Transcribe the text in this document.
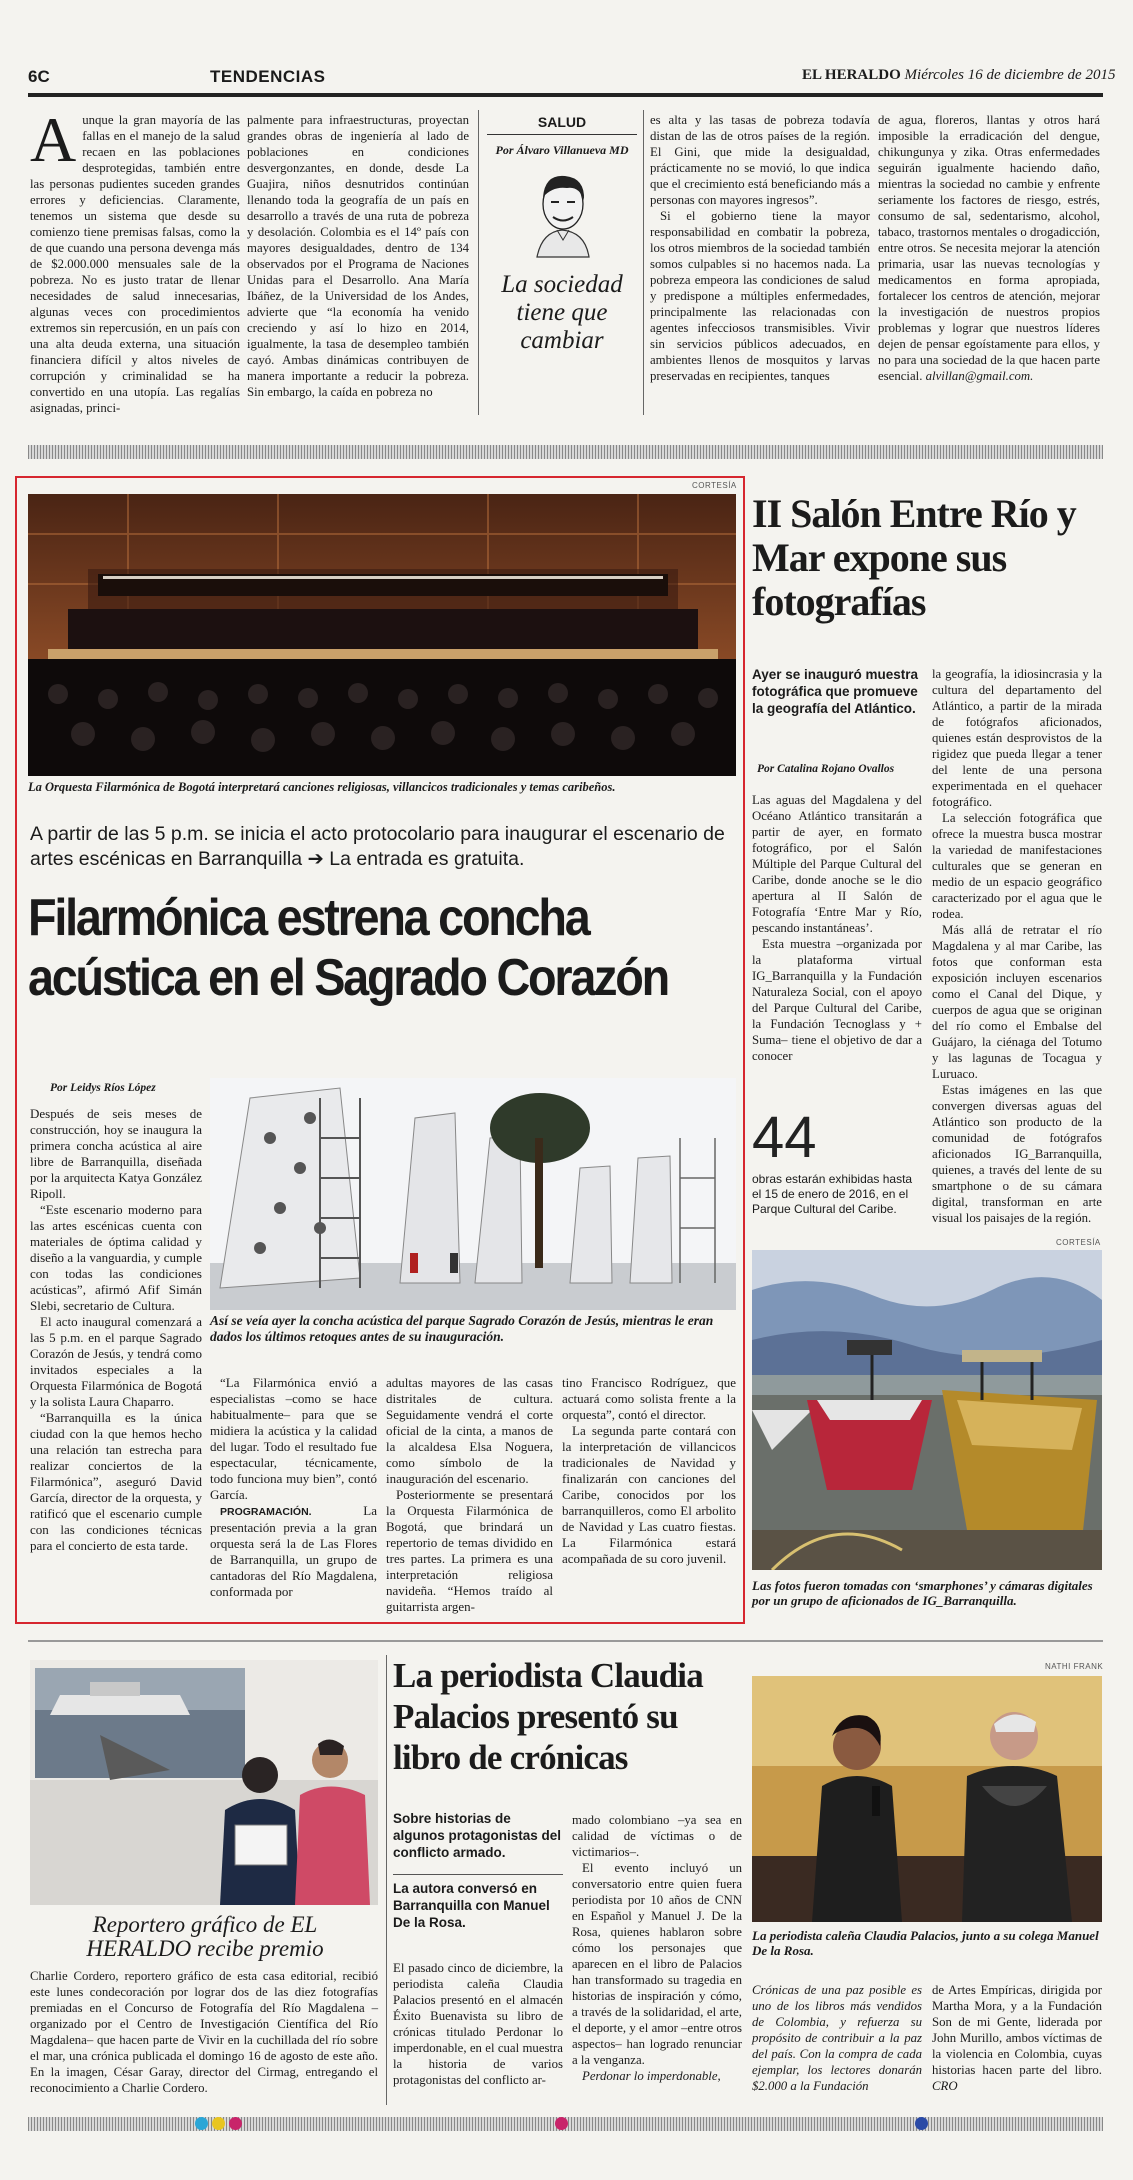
6C	TENDENCIAS	EL HERALDO Miércoles 16 de diciembre de 2015

Aunque la gran mayoría de las fallas en el manejo de la salud recaen en las poblaciones desprotegidas, también entre las personas pudientes suceden grandes errores y deficiencias. Claramente, tenemos un sistema que desde su comienzo tiene premisas falsas, como la de que cuando una persona devenga más de $2.000.000 mensuales sale de la pobreza. No es justo tratar de llenar necesidades de salud innecesarias, algunas veces con procedimientos extremos sin repercusión, en un país con una alta deuda externa, una situación financiera difícil y altos niveles de corrupción y criminalidad se ha convertido en una utopía. Las regalías asignadas, princi-

palmente para infraestructuras, proyectan grandes obras de ingeniería al lado de poblaciones en condiciones desvergonzantes, en donde, desde La Guajira, niños desnutridos continúan llenando toda la geografía de un país en desarrollo a través de una ruta de pobreza y desolación. Colombia es el 14º país con mayores desigualdades, dentro de 134 observados por el Programa de Naciones Unidas para el Desarrollo. Ana María Ibáñez, de la Universidad de los Andes, advierte que “la economía ha venido creciendo y así lo hizo en 2014, igualmente, la tasa de desempleo también cayó. Ambas dinámicas contribuyen de manera importante a reducir la pobreza. Sin embargo, la caída en pobreza no

SALUD
Por Álvaro Villanueva MD
La sociedad tiene que cambiar

es alta y las tasas de pobreza todavía distan de las de otros países de la región. El Gini, que mide la desigualdad, prácticamente no se movió, lo que indica que el crecimiento está beneficiando más a personas con mayores ingresos”.

Si el gobierno tiene la mayor responsabilidad en combatir la pobreza, los otros miembros de la sociedad también somos culpables si no hacemos nada. La pobreza empeora las condiciones de salud y predispone a múltiples enfermedades, principalmente las relacionadas con agentes infecciosos transmisibles. Vivir sin servicios públicos adecuados, en ambientes llenos de mosquitos y larvas preservadas en recipientes, tanques

de agua, floreros, llantas y otros hará imposible la erradicación del dengue, chikungunya y zika. Otras enfermedades seguirán igualmente haciendo daño, mientras la sociedad no cambie y enfrente seriamente los factores de riesgo, estrés, consumo de sal, sedentarismo, alcohol, tabaco, trastornos mentales o drogadicción, entre otros. Se necesita mejorar la atención primaria, usar las nuevas tecnologías y medicamentos en forma apropiada, fortalecer los centros de atención, mejorar la investigación de nuestros propios problemas y lograr que nuestros líderes dejen de pensar egoístamente para ellos, y no para una sociedad de la que hacen parte esencial. alvillan@gmail.com.

CORTESÍA
La Orquesta Filarmónica de Bogotá interpretará canciones religiosas, villancicos tradicionales y temas caribeños.
A partir de las 5 p.m. se inicia el acto protocolario para inaugurar el escenario de artes escénicas en Barranquilla ➔ La entrada es gratuita.
Filarmónica estrena concha acústica en el Sagrado Corazón
Por Leidys Ríos López
Así se veía ayer la concha acústica del parque Sagrado Corazón de Jesús, mientras le eran dados los últimos retoques antes de su inauguración.

Después de seis meses de construcción, hoy se inaugura la primera concha acústica al aire libre de Barranquilla, diseñada por la arquitecta Katya González Ripoll.

“Este escenario moderno para las artes escénicas cuenta con materiales de óptima calidad y diseño a la vanguardia, y cumple con todas las condiciones acústicas”, afirmó Afif Simán Slebi, secretario de Cultura.

El acto inaugural comenzará a las 5 p.m. en el parque Sagrado Corazón de Jesús, y tendrá como invitados especiales a la Orquesta Filarmónica de Bogotá y la solista Laura Chaparro.

“Barranquilla es la única ciudad con la que hemos hecho una relación tan estrecha para realizar conciertos de la Filarmónica”, aseguró David García, director de la orquesta, y ratificó que el escenario cumple con las condiciones técnicas para el concierto de esta tarde.

“La Filarmónica envió a especialistas –como se hace habitualmente– para que se midiera la acústica y la calidad del lugar. Todo el resultado fue espectacular, técnicamente, todo funciona muy bien”, contó García.

PROGRAMACIÓN.	La presentación previa a la gran orquesta será la de Las Flores de Barranquilla, un grupo de cantadoras del Río Magdalena, conformada por

adultas mayores de las casas distritales de cultura. Seguidamente vendrá el corte oficial de la cinta, a manos de la alcaldesa Elsa Noguera, como símbolo de la inauguración del escenario.

Posteriormente se presentará la Orquesta Filarmónica de Bogotá, que brindará un repertorio de temas dividido en tres partes. La primera es una interpretación religiosa navideña. “Hemos traído al guitarrista argen-

tino Francisco Rodríguez, que actuará como solista frente a la orquesta”, contó el director.

La segunda parte contará con la interpretación de villancicos tradicionales de Navidad y finalizarán con canciones del Caribe, conocidos por los barranquilleros, como El arbolito de Navidad y Las cuatro fiestas. La Filarmónica estará acompañada de su coro juvenil.

II Salón Entre Río y Mar expone sus fotografías
Ayer se inauguró muestra fotográfica que promueve la geografía del Atlántico.
Por Catalina Rojano Ovallos

Las aguas del Magdalena y del Océano Atlántico transitarán a partir de ayer, en formato fotográfico, por el Salón Múltiple del Parque Cultural del Caribe, donde anoche se le dio apertura al II Salón de Fotografía ‘Entre Mar y Río, pescando instantáneas’.

Esta muestra –organizada por la plataforma virtual IG_Barranquilla y la Fundación Naturaleza Social, con el apoyo del Parque Cultural del Caribe, la Fundación Tecnoglass y + Suma– tiene el objetivo de dar a conocer

44
obras estarán exhibidas hasta el 15 de enero de 2016, en el Parque Cultural del Caribe.

la geografía, la idiosincrasia y la cultura del departamento del Atlántico, a partir de la mirada de fotógrafos aficionados, quienes están desprovistos de la rigidez que pueda llegar a tener del lente de una persona experimentada en el quehacer fotográfico.

La selección fotográfica que ofrece la muestra busca mostrar la variedad de manifestaciones culturales que se generan en medio de un espacio geográfico caracterizado por el agua que le rodea.

Más allá de retratar el río Magdalena y al mar Caribe, las fotos que conforman esta exposición incluyen escenarios como el Canal del Dique, y cuerpos de agua que se originan del río como el Embalse del Guájaro, la ciénaga del Totumo y las lagunas de Tocagua y Luruaco.

Estas imágenes en las que convergen diversas aguas del Atlántico son producto de la comunidad de fotógrafos aficionados IG_Barranquilla, quienes, a través del lente de su smartphone o de su cámara digital, transforman en arte visual los paisajes de la región.

CORTESÍA
Las fotos fueron tomadas con ‘smarphones’ y cámaras digitales por un grupo de aficionados de IG_Barranquilla.
Reportero gráfico de EL HERALDO recibe premio

Charlie Cordero, reportero gráfico de esta casa editorial, recibió este lunes condecoración por lograr dos de las diez fotografías premiadas en el Concurso de Fotografía del Río Magdalena –organizado por el Centro de Investigación Científica del Río Magdalena– que hacen parte de Vivir en la cuchillada del río sobre el mar, una crónica publicada el domingo 16 de agosto de este año. En la imagen, César Garay, director del Cirmag, entregando el reconocimiento a Charlie Cordero.

La periodista Claudia Palacios presentó su libro de crónicas
Sobre historias de algunos protagonistas del conflicto armado.
La autora conversó en Barranquilla con Manuel De la Rosa.

El pasado cinco de diciembre, la periodista caleña Claudia Palacios presentó en el almacén Éxito Buenavista su libro de crónicas titulado Perdonar lo imperdonable, en el cual muestra la historia de varios protagonistas del conflicto ar-

mado colombiano –ya sea en calidad de víctimas o de victimarios–.

El evento incluyó un conversatorio entre quien fuera periodista por 10 años de CNN en Español y Manuel J. De la Rosa, quienes hablaron sobre cómo los personajes que aparecen en el libro de Palacios han transformado su tragedia en historias de inspiración y cómo, a través de la solidaridad, el arte, el deporte, y el amor –entre otros aspectos– han logrado renunciar a la venganza.

Perdonar lo imperdonable,

NATHI FRANK
La periodista caleña Claudia Palacios, junto a su colega Manuel De la Rosa.

Crónicas de una paz posible es uno de los libros más vendidos de Colombia, y refuerza su propósito de contribuir a la paz del país. Con la compra de cada ejemplar, los lectores donarán $2.000 a la Fundación

de Artes Empíricas, dirigida por Martha Mora, y a la Fundación Son de mi Gente, liderada por John Murillo, ambos víctimas de la violencia en Colombia, cuyas historias hacen parte del libro. CRO
